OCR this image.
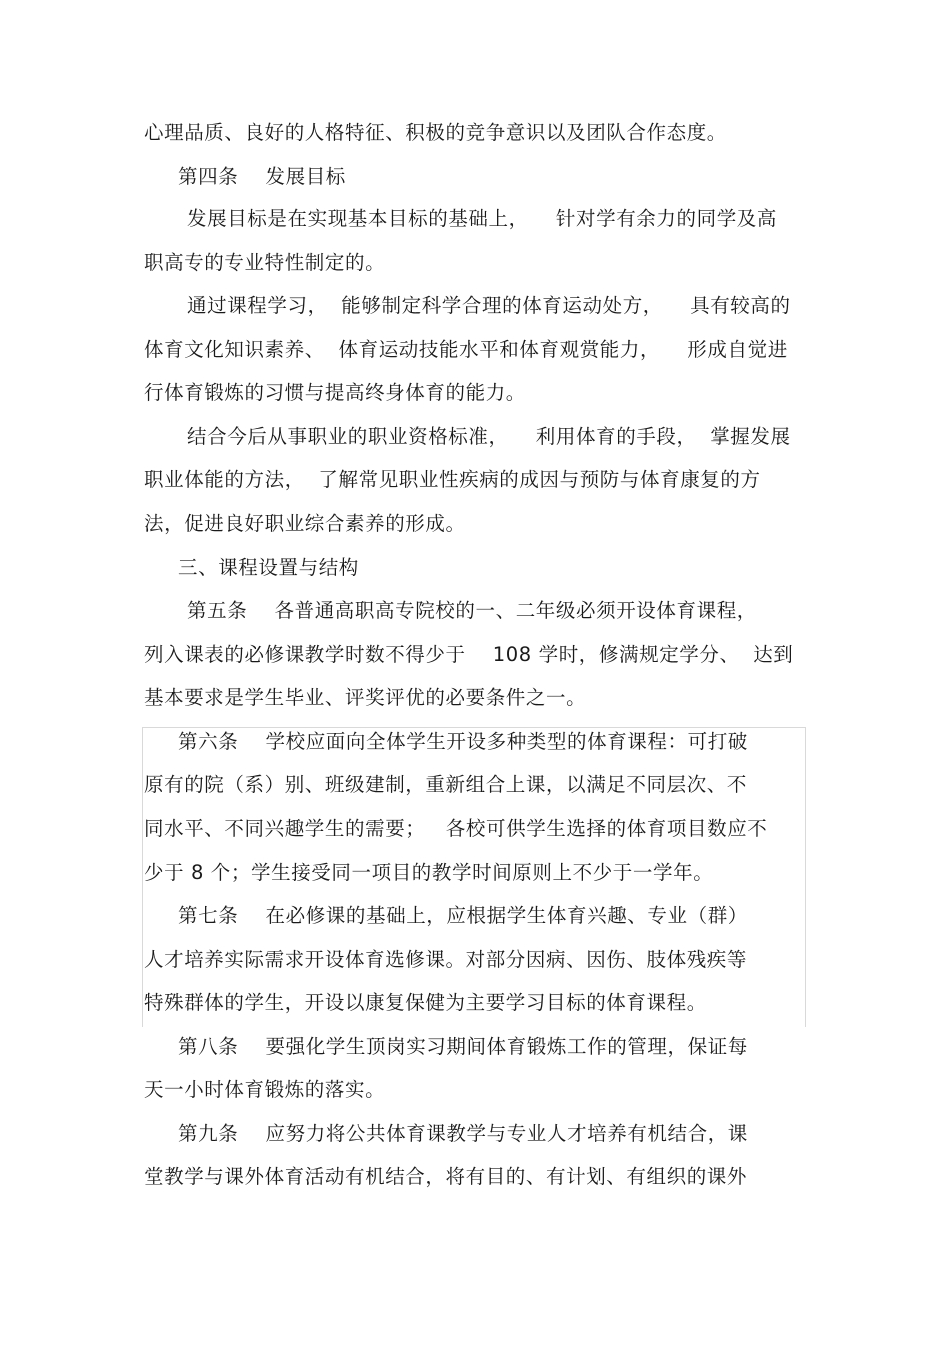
心理品质、良好的人格特征、积极的竞争意识以及团队合作态度。
第四条    发展目标
发展目标是在实现基本目标的基础上，    针对学有余力的同学及高
职高专的专业特性制定的。
通过课程学习，  能够制定科学合理的体育运动处方，    具有较高的
体育文化知识素养、  体育运动技能水平和体育观赏能力，    形成自觉进
行体育锻炼的习惯与提高终身体育的能力。
结合今后从事职业的职业资格标准，    利用体育的手段，  掌握发展
职业体能的方法，  了解常见职业性疾病的成因与预防与体育康复的方
法，促进良好职业综合素养的形成。
三、课程设置与结构
第五条    各普通高职高专院校的一、二年级必须开设体育课程，
列入课表的必修课教学时数不得少于    108 学时，修满规定学分、  达到
基本要求是学生毕业、评奖评优的必要条件之一。
第六条    学校应面向全体学生开设多种类型的体育课程：可打破
原有的院（系）别、班级建制，重新组合上课，以满足不同层次、不
同水平、不同兴趣学生的需要；   各校可供学生选择的体育项目数应不
少于 8 个；学生接受同一项目的教学时间原则上不少于一学年。
第七条    在必修课的基础上，应根据学生体育兴趣、专业（群）
人才培养实际需求开设体育选修课。对部分因病、因伤、肢体残疾等
特殊群体的学生，开设以康复保健为主要学习目标的体育课程。
第八条    要强化学生顶岗实习期间体育锻炼工作的管理，保证每
天一小时体育锻炼的落实。
第九条    应努力将公共体育课教学与专业人才培养有机结合，课
堂教学与课外体育活动有机结合，将有目的、有计划、有组织的课外
